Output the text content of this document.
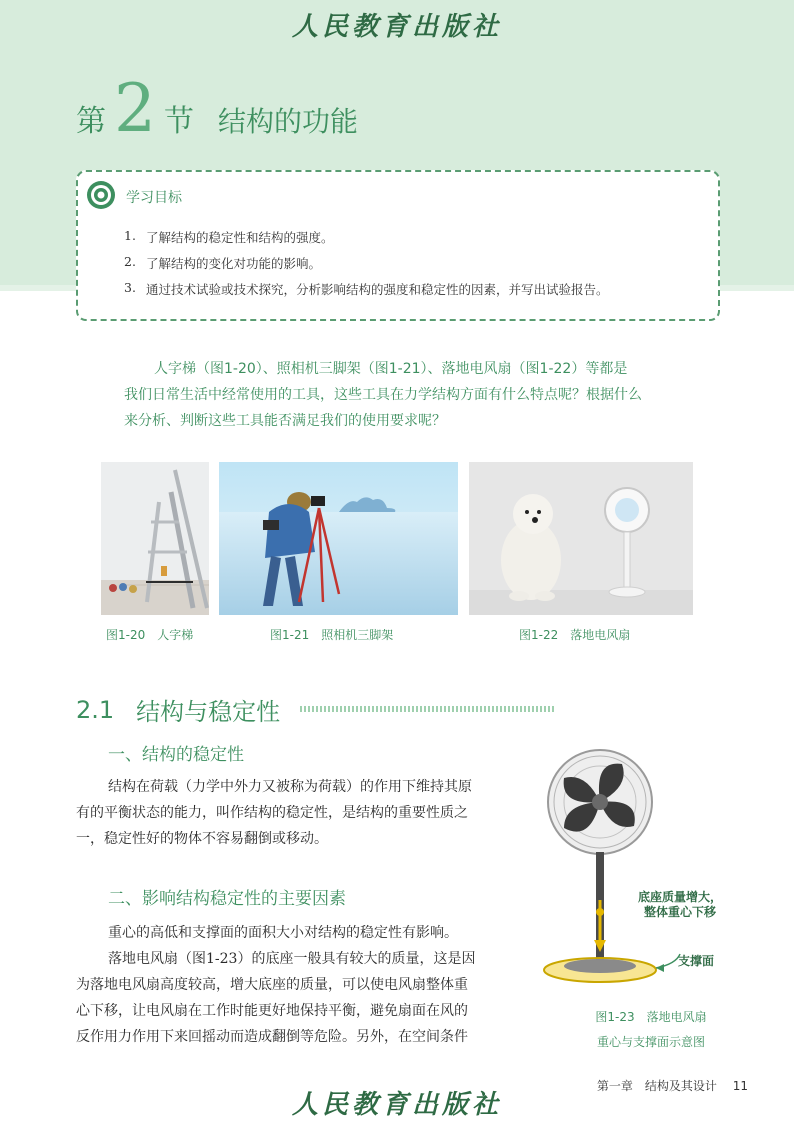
人民教育出版社
第 2 节 结构的功能
学习目标
1. 了解结构的稳定性和结构的强度。
2. 了解结构的变化对功能的影响。
3. 通过技术试验或技术探究，分析影响结构的强度和稳定性的因素，并写出试验报告。

人字梯（图1-20）、照相机三脚架（图1-21）、落地电风扇（图1-22）等都是

我们日常生活中经常使用的工具，这些工具在力学结构方面有什么特点呢？根据什么

来分析、判断这些工具能否满足我们的使用要求呢？

图1-20　人字梯	图1-21　照相机三脚架	图1-22　落地电风扇
2.1 结构与稳定性
一、结构的稳定性

结构在荷载（力学中外力又被称为荷载）的作用下维持其原

有的平衡状态的能力，叫作结构的稳定性，是结构的重要性质之

一，稳定性好的物体不容易翻倒或移动。

二、影响结构稳定性的主要因素

重心的高低和支撑面的面积大小对结构的稳定性有影响。

落地电风扇（图1-23）的底座一般具有较大的质量，这是因

为落地电风扇高度较高，增大底座的质量，可以使电风扇整体重

心下移，让电风扇在工作时能更好地保持平衡，避免扇面在风的

反作用力作用下来回摇动而造成翻倒等危险。另外，在空间条件

底座质量增大，
整体重心下移
支撑面
图1-23　落地电风扇
重心与支撑面示意图
人民教育出版社
第一章　结构及其设计 11
